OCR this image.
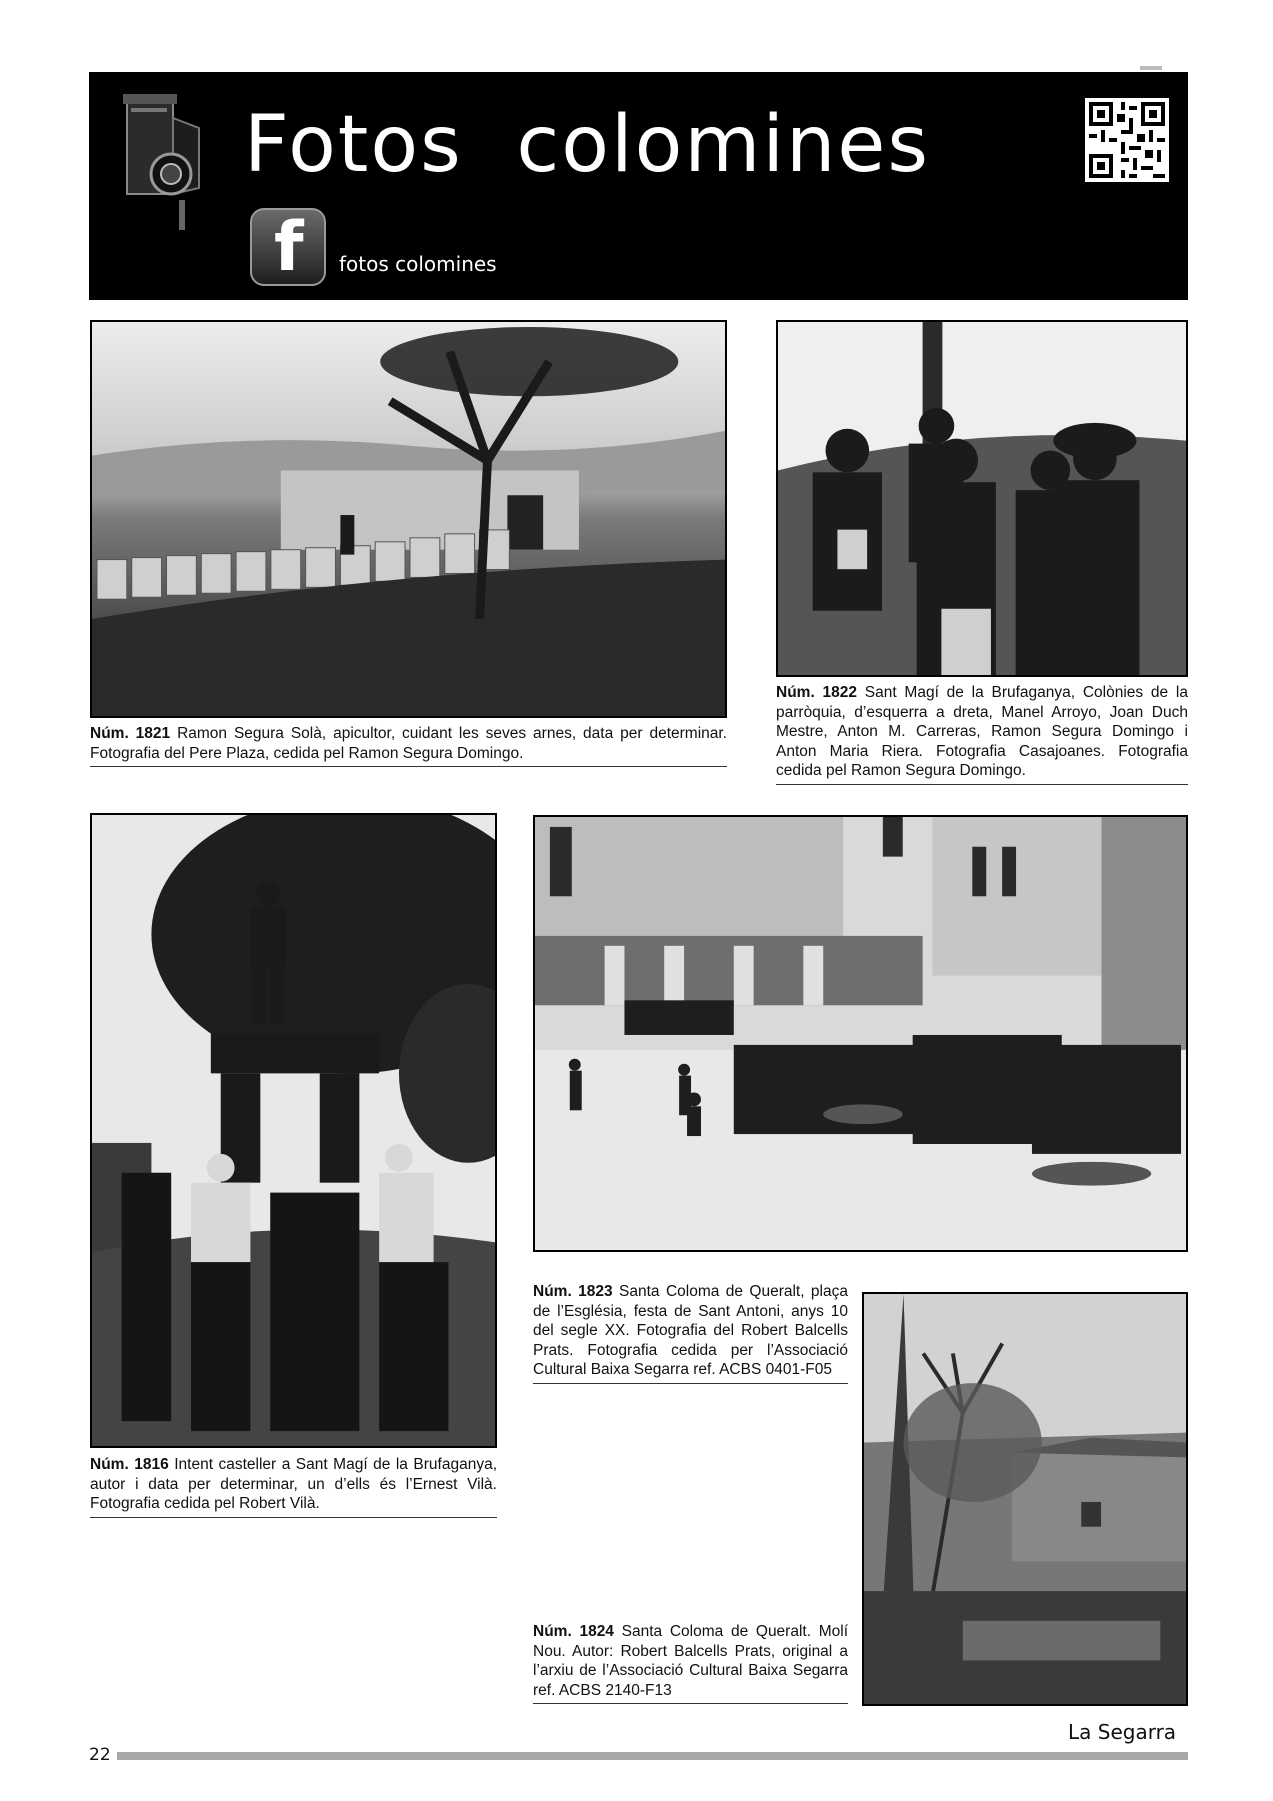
Fotos  colomines
f fotos colomines
Núm. 1821 Ramon Segura Solà, apicultor, cuidant les seves arnes, data per determinar. Fotografia del Pere Plaza, cedida pel Ramon Segura Domingo.
Núm. 1822 Sant Magí de la Brufaganya, Colònies de la parròquia, d’esquerra a dreta, Manel Arroyo, Joan Duch Mestre, Anton M. Carreras, Ramon Segura Domingo i Anton Maria Riera. Fotografia Casajoanes. Fotografia cedida pel Ramon Segura Domingo.
Núm. 1816 Intent casteller a Sant Magí de la Brufaganya, autor i data per determinar, un d’ells és l’Ernest Vilà. Fotografia cedida pel Robert Vilà.
Núm. 1823 Santa Coloma de Queralt, plaça de l’Església, festa de Sant Antoni, anys 10 del segle XX. Fotografia del Robert Balcells Prats. Fotografia cedida per l’Associació Cultural Baixa Segarra ref. ACBS 0401-F05
Núm. 1824 Santa Coloma de Queralt. Molí Nou. Autor: Robert Balcells Prats, original a l’arxiu de l’Associació Cultural Baixa Segarra ref. ACBS 2140-F13
22
La Segarra
